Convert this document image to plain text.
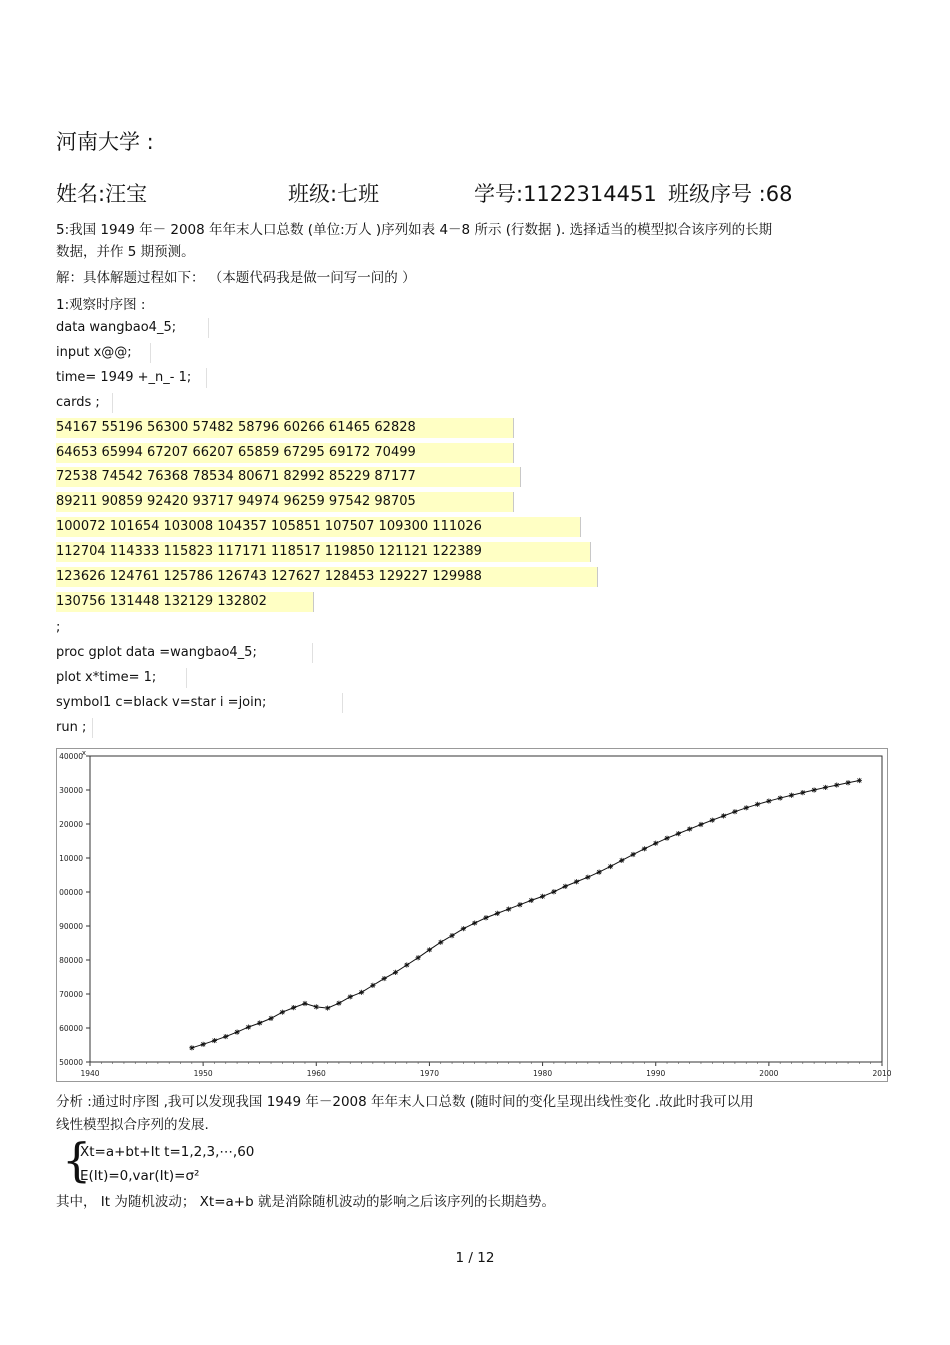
河南大学 :
姓名:汪宝	班级:七班	学号:1122314451 班级序号 :68
5:我国 1949 年－ 2008 年年末人口总数 (单位:万人 )序列如表 4－8 所示 (行数据 ). 选择适当的模型拟合该序列的长期
数据，并作 5 期预测。
解：具体解题过程如下： （本题代码我是做一问写一问的 ）
1:观察时序图 :
data wangbao4_5;
input x@@;
time= 1949 +_n_- 1;
cards ;
54167 55196 56300 57482 58796 60266 61465 62828
64653 65994 67207 66207 65859 67295 69172 70499
72538 74542 76368 78534 80671 82992 85229 87177
89211 90859 92420 93717 94974 96259 97542 98705
100072 101654 103008 104357 105851 107507 109300 111026
112704 114333 115823 117171 118517 119850 121121 122389
123626 124761 125786 126743 127627 128453 129227 129988
130756 131448 132129 132802
;
proc gplot data =wangbao4_5;
plot x*time= 1;
symbol1 c=black v=star i =join;
run ;
x
50000
60000
70000
80000
90000
00000
10000
20000
30000
40000
1940	1950	1960	1970	1980	1990	2000	2010
分析 :通过时序图 ,我可以发现我国 1949 年－2008 年年末人口总数 (随时间的变化呈现出线性变化 .故此时我可以用
线性模型拟合序列的发展.
{
Xt=a+bt+It t=1,2,3,⋯,60
E(It)=0,var(It)=σ²
其中， It 为随机波动； Xt=a+b 就是消除随机波动的影响之后该序列的长期趋势。
1 / 12
